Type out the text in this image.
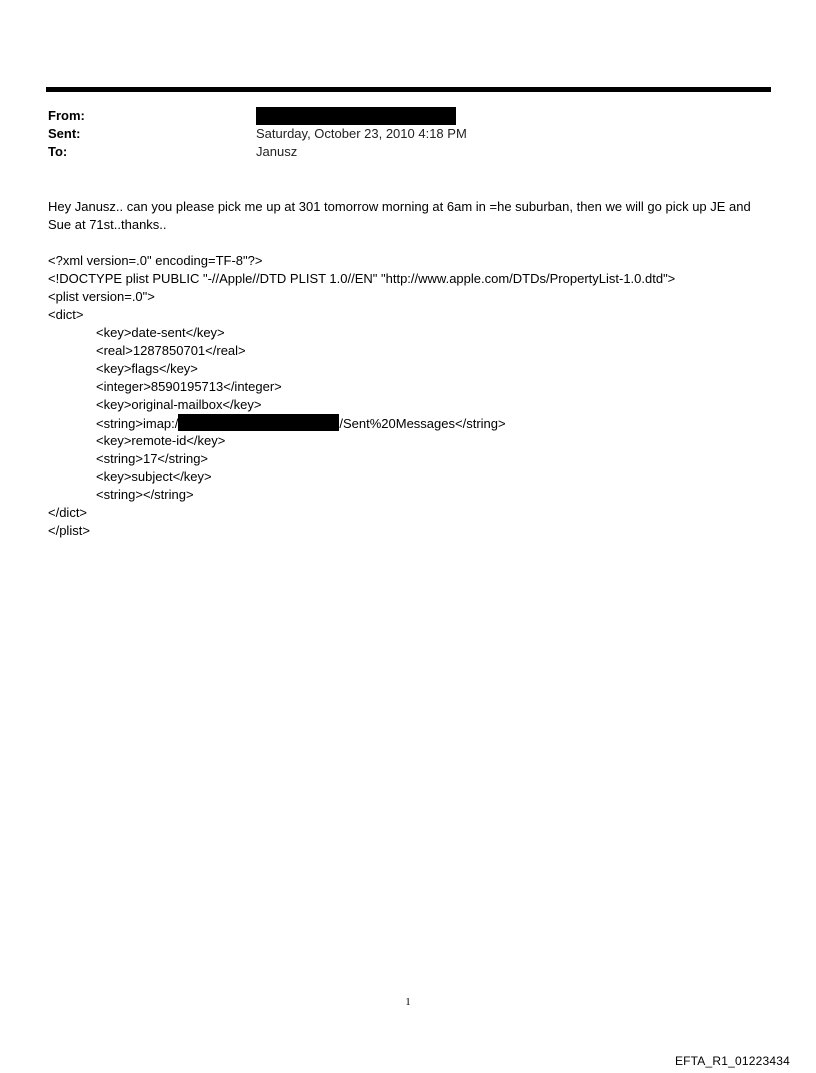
From:
Sent:	Saturday, October 23, 2010 4:18 PM
To:	Janusz
Hey Janusz.. can you please pick me up at 301 tomorrow morning at 6am in =he suburban, then we will go pick up JE and Sue at 71st..thanks..
<?xml version=.0" encoding=TF-8"?>
<!DOCTYPE plist PUBLIC "-//Apple//DTD PLIST 1.0//EN" "http://www.apple.com/DTDs/PropertyList-1.0.dtd">
<plist version=.0">
<dict>
<key>date-sent</key>
<real>1287850701</real>
<key>flags</key>
<integer>8590195713</integer>
<key>original-mailbox</key>
<string>imap:/	/Sent%20Messages</string>
<key>remote-id</key>
<string>17</string>
<key>subject</key>
<string></string>
</dict>
</plist>
1
EFTA_R1_01223434
